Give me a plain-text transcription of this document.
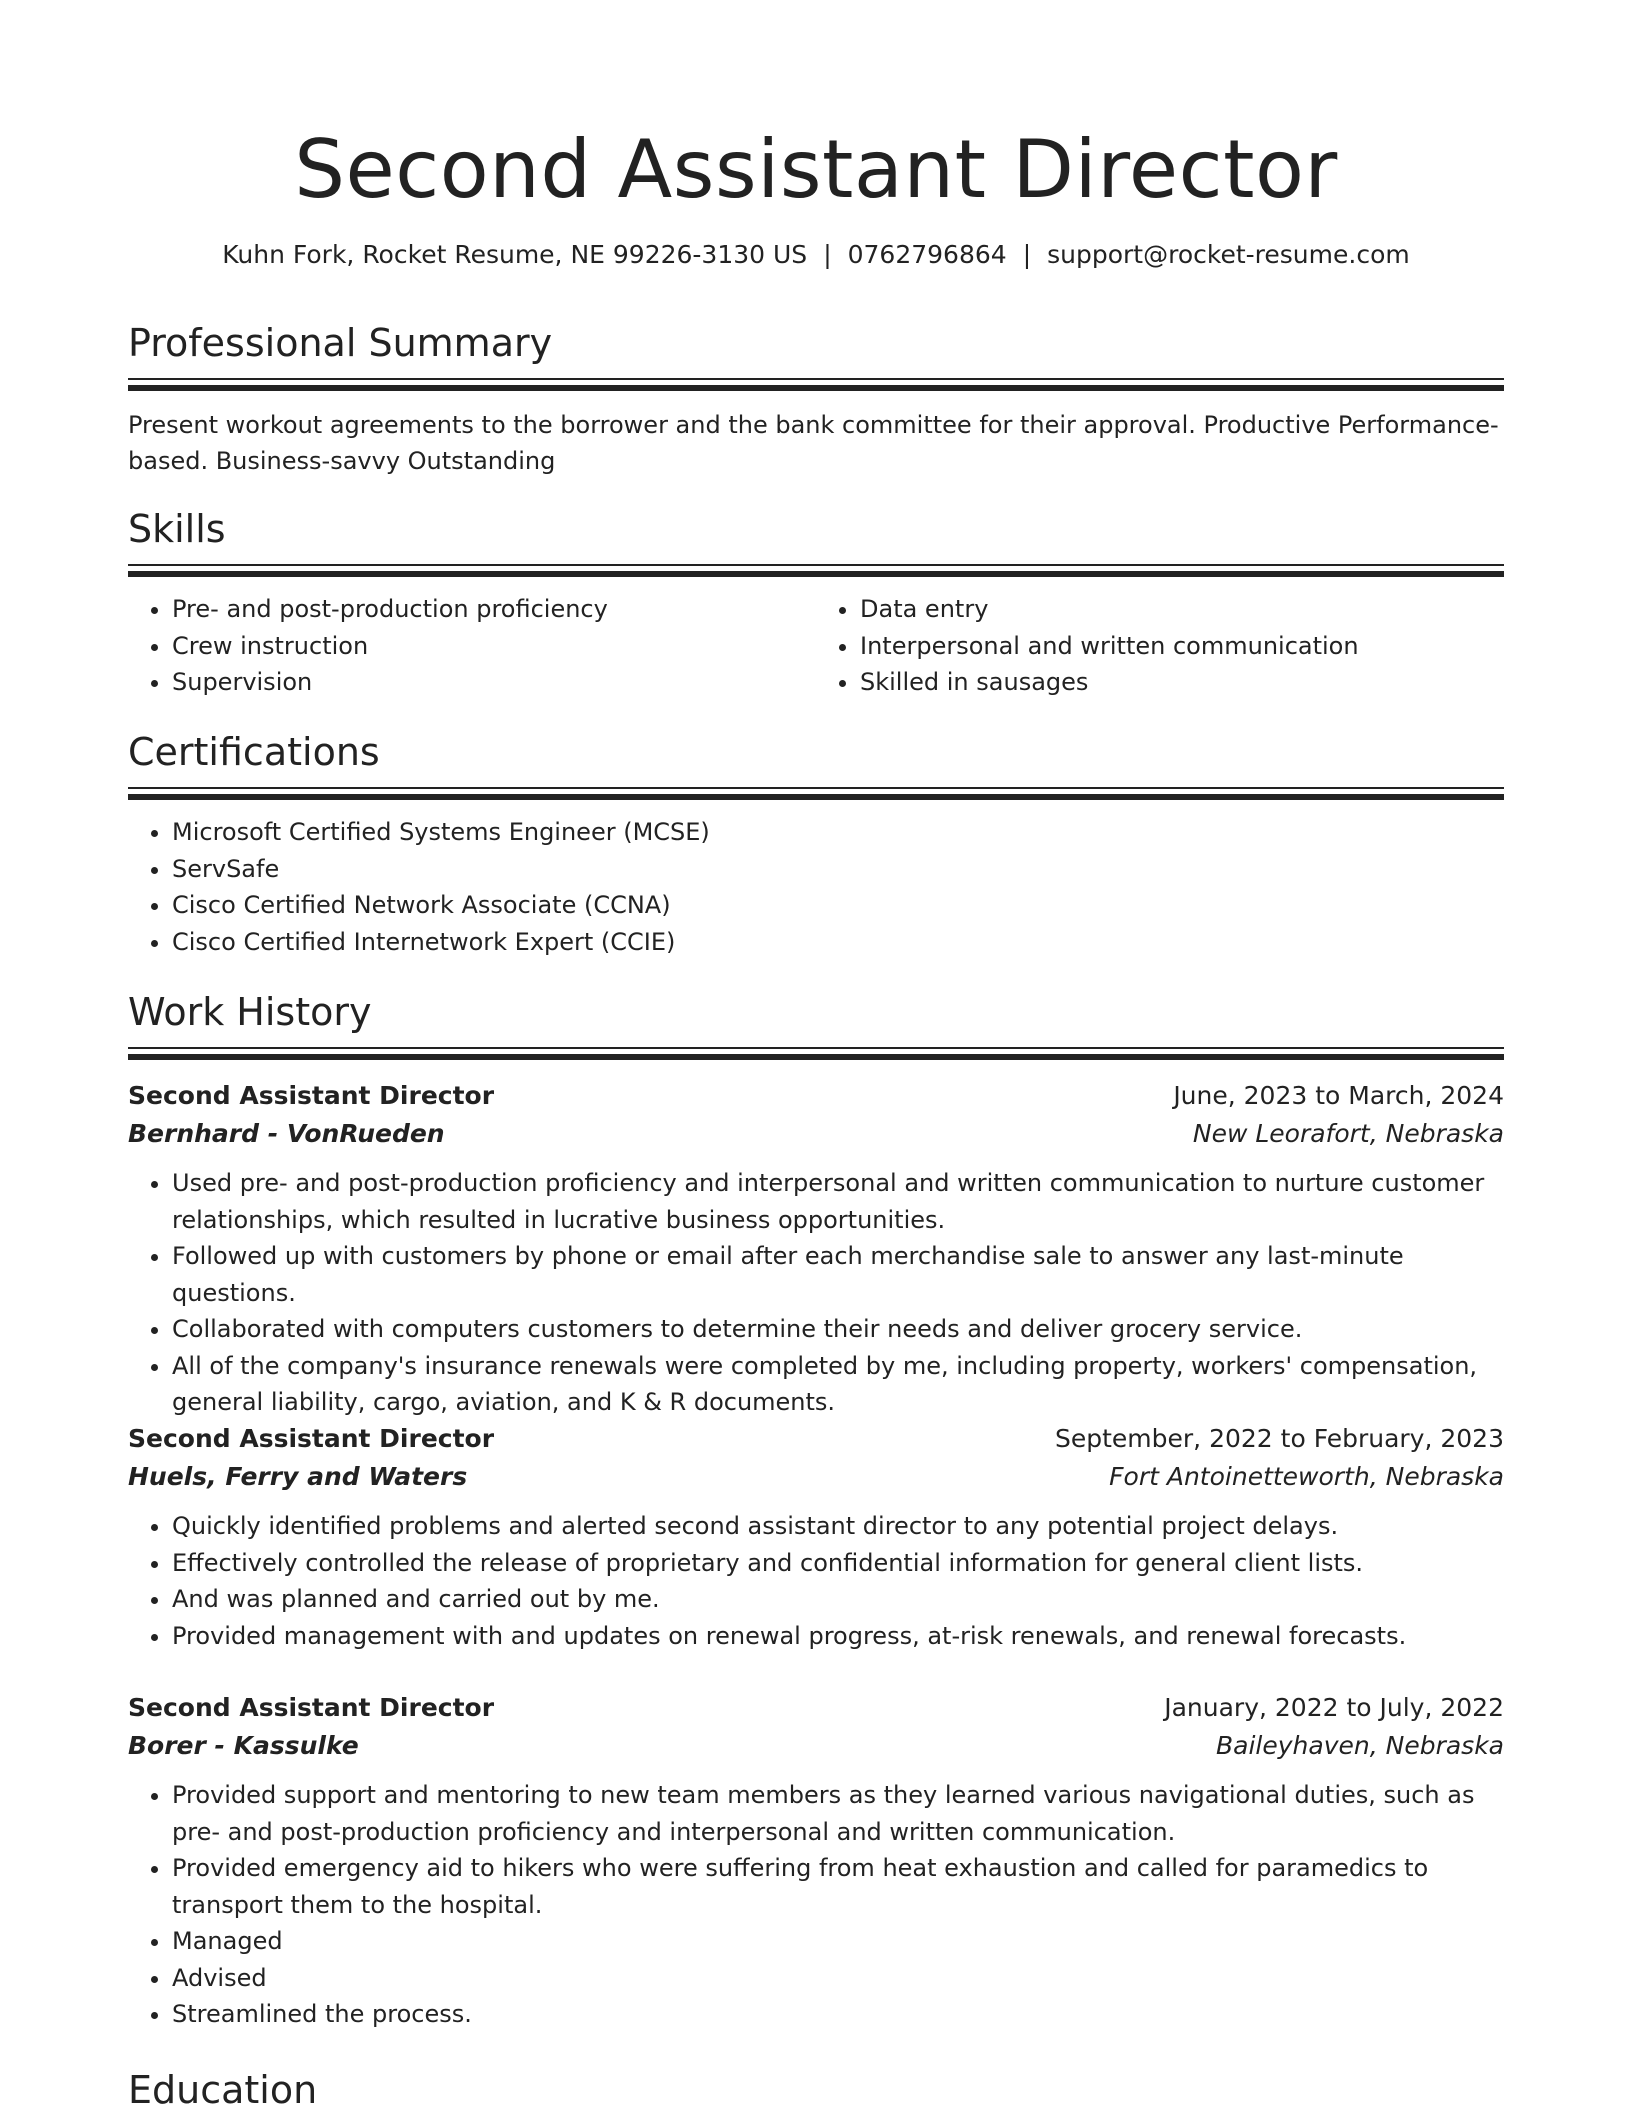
Second Assistant Director
Kuhn Fork, Rocket Resume, NE 99226-3130 US | 0762796864 | support@rocket-resume.com
Professional Summary
Present workout agreements to the borrower and the bank committee for their approval. Productive Performance-based. Business-savvy Outstanding
Skills
• Pre- and post-production proficiency
• Crew instruction
• Supervision
• Data entry
• Interpersonal and written communication
• Skilled in sausages
Certifications
• Microsoft Certified Systems Engineer (MCSE)
• ServSafe
• Cisco Certified Network Associate (CCNA)
• Cisco Certified Internetwork Expert (CCIE)
Work History
Second Assistant Director	June, 2023 to March, 2024
Bernhard - VonRueden	New Leorafort, Nebraska
• Used pre- and post-production proficiency and interpersonal and written communication to nurture customer relationships, which resulted in lucrative business opportunities.
• Followed up with customers by phone or email after each merchandise sale to answer any last-minute questions.
• Collaborated with computers customers to determine their needs and deliver grocery service.
• All of the company's insurance renewals were completed by me, including property, workers' compensation, general liability, cargo, aviation, and K & R documents.
Second Assistant Director	September, 2022 to February, 2023
Huels, Ferry and Waters	Fort Antoinetteworth, Nebraska
• Quickly identified problems and alerted second assistant director to any potential project delays.
• Effectively controlled the release of proprietary and confidential information for general client lists.
• And was planned and carried out by me.
• Provided management with and updates on renewal progress, at-risk renewals, and renewal forecasts.
Second Assistant Director	January, 2022 to July, 2022
Borer - Kassulke	Baileyhaven, Nebraska
• Provided support and mentoring to new team members as they learned various navigational duties, such as pre- and post-production proficiency and interpersonal and written communication.
• Provided emergency aid to hikers who were suffering from heat exhaustion and called for paramedics to transport them to the hospital.
• Managed
• Advised
• Streamlined the process.
Education
